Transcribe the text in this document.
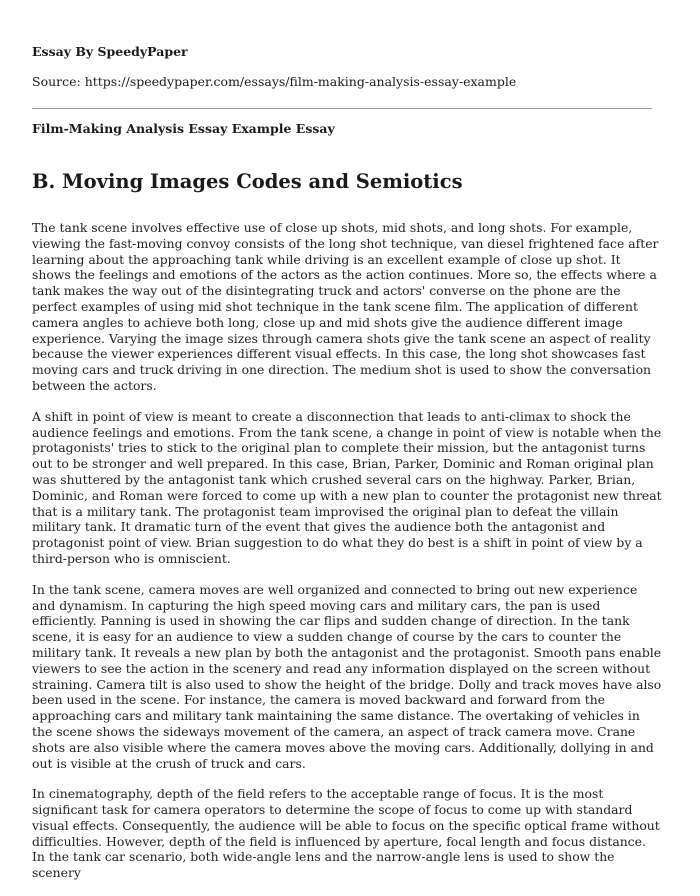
Essay By SpeedyPaper

Source: https://speedypaper.com/essays/film-making-analysis-essay-example

Film-Making Analysis Essay Example Essay
B. Moving Images Codes and Semiotics

The tank scene involves effective use of close up shots, mid shots, and long shots. For example, viewing the fast-moving convoy consists of the long shot technique, van diesel frightened face after learning about the approaching tank while driving is an excellent example of close up shot. It shows the feelings and emotions of the actors as the action continues. More so, the effects where a tank makes the way out of the disintegrating truck and actors' converse on the phone are the perfect examples of using mid shot technique in the tank scene film. The application of different camera angles to achieve both long, close up and mid shots give the audience different image experience. Varying the image sizes through camera shots give the tank scene an aspect of reality because the viewer experiences different visual effects. In this case, the long shot showcases fast moving cars and truck driving in one direction. The medium shot is used to show the conversation between the actors.

A shift in point of view is meant to create a disconnection that leads to anti-climax to shock the audience feelings and emotions. From the tank scene, a change in point of view is notable when the protagonists' tries to stick to the original plan to complete their mission, but the antagonist turns out to be stronger and well prepared. In this case, Brian, Parker, Dominic and Roman original plan was shuttered by the antagonist tank which crushed several cars on the highway. Parker, Brian, Dominic, and Roman were forced to come up with a new plan to counter the protagonist new threat that is a military tank. The protagonist team improvised the original plan to defeat the villain military tank. It dramatic turn of the event that gives the audience both the antagonist and protagonist point of view. Brian suggestion to do what they do best is a shift in point of view by a third-person who is omniscient.

In the tank scene, camera moves are well organized and connected to bring out new experience and dynamism. In capturing the high speed moving cars and military cars, the pan is used efficiently. Panning is used in showing the car flips and sudden change of direction. In the tank scene, it is easy for an audience to view a sudden change of course by the cars to counter the military tank. It reveals a new plan by both the antagonist and the protagonist. Smooth pans enable viewers to see the action in the scenery and read any information displayed on the screen without straining. Camera tilt is also used to show the height of the bridge. Dolly and track moves have also been used in the scene. For instance, the camera is moved backward and forward from the approaching cars and military tank maintaining the same distance. The overtaking of vehicles in the scene shows the sideways movement of the camera, an aspect of track camera move. Crane shots are also visible where the camera moves above the moving cars. Additionally, dollying in and out is visible at the crush of truck and cars.

In cinematography, depth of the field refers to the acceptable range of focus. It is the most significant task for camera operators to determine the scope of focus to come up with standard visual effects. Consequently, the audience will be able to focus on the specific optical frame without difficulties. However, depth of the field is influenced by aperture, focal length and focus distance. In the tank car scenario, both wide-angle lens and the narrow-angle lens is used to show the scenery
